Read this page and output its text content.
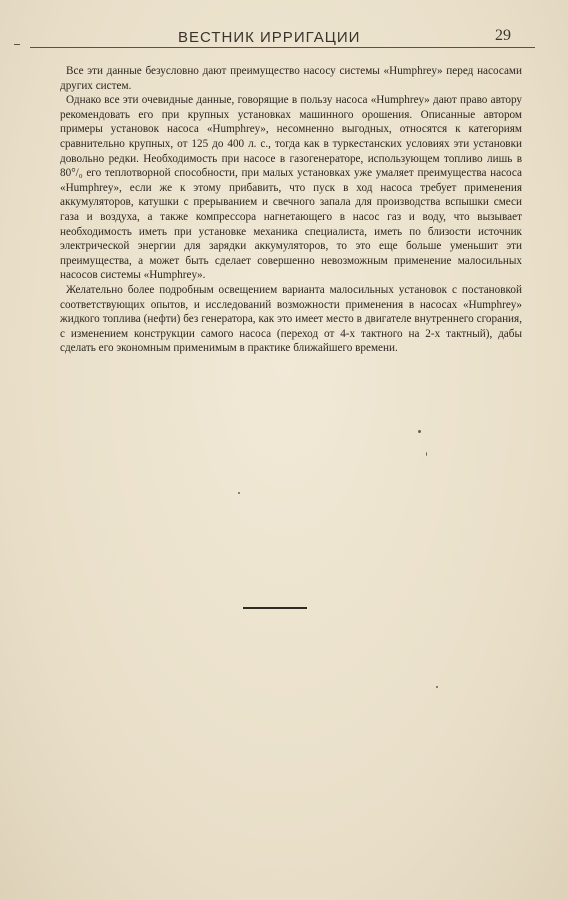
ВЕСТНИК ИРРИГАЦИИ	29

Все эти данные безусловно дают преимущество насосу системы «Humphrey» перед насосами других систем.

Однако все эти очевидные данные, говорящие в пользу насоса «Humphrey» дают право автору рекомендовать его при крупных установках машинного орошения. Описанные автором примеры установок насоса «Humphrey», несомненно выгодных, относятся к категориям сравнительно крупных, от 125 до 400 л. с., тогда как в туркестанских условиях эти установки довольно редки. Необходимость при насосе в газогенераторе, использующем топливо лишь в 80°/₀ его теплотворной способности, при малых установках уже умаляет преимущества насоса «Humphrey», если же к этому прибавить, что пуск в ход насоса требует применения аккумуляторов, катушки с прерыванием и свечного запала для производства вспышки смеси газа и воздуха, а также компрессора нагнетающего в насос газ и воду, что вызывает необходимость иметь при установке механика специалиста, иметь по близости источник электрической энергии для зарядки аккумуляторов, то это еще больше уменьшит эти преимущества, а может быть сделает совершенно невозможным применение малосильных насосов системы «Humphrey».

Желательно более подробным освещением варианта малосильных установок с постановкой соответствующих опытов, и исследований возможности применения в насосах «Humphrey» жидкого топлива (нефти) без генератора, как это имеет место в двигателе внутреннего сгорания, с изменением конструкции самого насоса (переход от 4-х тактного на 2-х тактный), дабы сделать его экономным применимым в практике ближайшего времени.
